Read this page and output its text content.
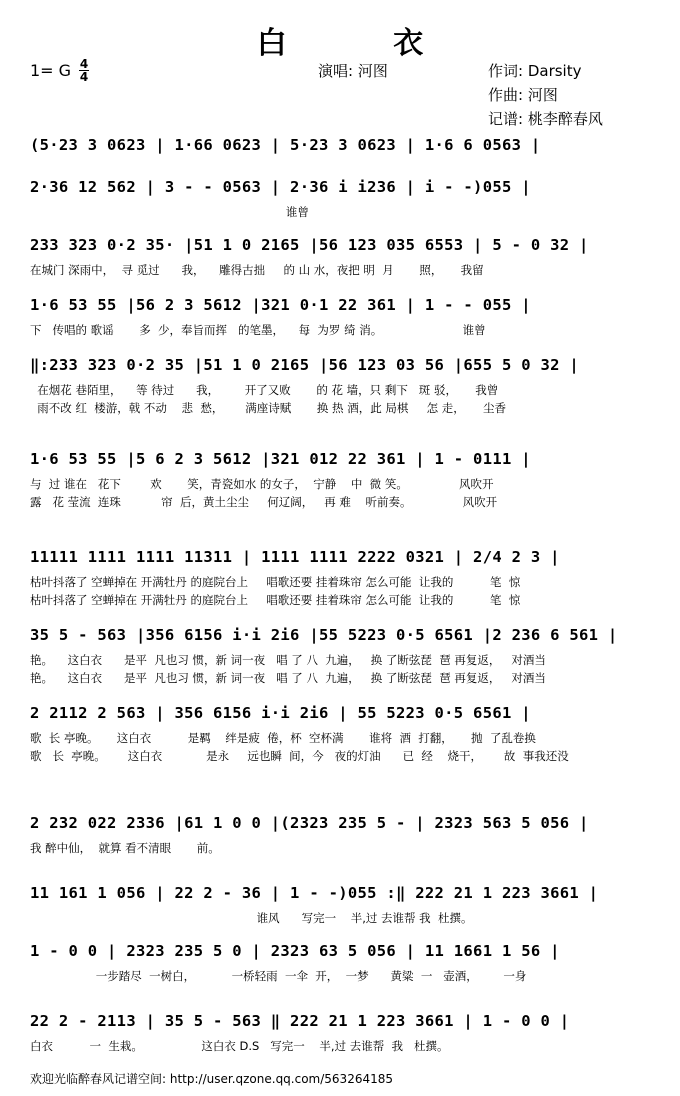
白 衣
1= G 4
4	演唱: 河图	作词: Darsity
作曲: 河图
记谱: 桃李醉春风
(5·23 3 0623 | 1·66 0623 | 5·23 3 0623 | 1·6 6 0563 |
2·36 12 562 | 3 - - 0563 | 2·36 i i236 | i - -)055 |
谁曾
233 323 0·2 35· |51 1 0 2165 |56 123 035 6553 | 5 - 0 32 |
在城门 深雨中，  寻 觅过      我，    雕得古拙     的 山 水，夜把 明  月       照，     我留
1·6 53 55 |56 2 3 5612 |321 0·1 22 361 | 1 - - 055 |
下   传唱的 歌谣       多  少，奉旨而挥   的笔墨，    每  为罗 绮 消。                      谁曾
‖:233 323 0·2 35 |51 1 0 2165 |56 123 03 56 |655 5 0 32 |
在烟花 巷陌里，    等 待过      我，       开了又败       的 花 墙，只 剩下   斑 驳，     我曾
雨不改 红  楼游，戟 不动    悲  愁，      满座诗赋       换 热 酒，此 局棋     怎 走，     尘香
1·6 53 55 |5 6 2 3 5612 |321 012 22 361 | 1 - 0111 |
与  过 谁在   花下        欢       笑，青瓷如水 的女子，  宁静    中  微 笑。              风吹开
露   花 莹流  连珠           帘  后，黄土尘尘     何辽阔，   再 难    听前奏。              风吹开
11111 1111 1111 11311 | 1111 1111 2222 0321 | 2/4 2 3 |
枯叶抖落了 空蝉掉在 开满牡丹 的庭院台上     唱歌还要 挂着珠帘 怎么可能  让我的          笔  惊
枯叶抖落了 空蝉掉在 开满牡丹 的庭院台上     唱歌还要 挂着珠帘 怎么可能  让我的          笔  惊
35 5 - 563 |356 6156 i·i 2i6 |55 5223 0·5 6561 |2 236 6 561 |
艳。    这白衣      是平  凡也习 惯，新 词一夜   唱 了 八  九遍，   换 了断弦琵  琶 再复返，   对酒当
艳。    这白衣      是平  凡也习 惯，新 词一夜   唱 了 八  九遍，   换 了断弦琵  琶 再复返，   对酒当
2 2112 2 563 | 356 6156 i·i 2i6 | 55 5223 0·5 6561 |
歌  长 亭晚。     这白衣          是羁    绊是疲  倦，杯  空杯满       谁将  酒  打翻，     抛  了乱卷换
歌   长  亭晚。      这白衣            是永     远也瞬  间，今   夜的灯油      已  经    烧干，      故  事我还没
2 232 022 2336 |61 1 0 0 |(2323 235 5 - | 2323 563 5 056 |
我 醉中仙，  就算 看不清眼       前。
11 161 1 056 | 22 2 - 36 | 1 - -)055 :‖ 222 21 1 223 3661 |
谁风      写完一    半,过 去谁帮 我  杜撰。
1 - 0 0 | 2323 235 5 0 | 2323 63 5 056 | 11 1661 1 56 |
一步踏尽  一树白，          一桥轻雨  一伞  开，  一梦      黄粱  一   壶酒，       一身
22 2 - 2113 | 35 5 - 563 ‖ 222 21 1 223 3661 | 1 - 0 0 |
白衣          一  生栽。                这白衣 D.S   写完一    半,过 去谁帮  我   杜撰。
欢迎光临醉春风记谱空间: http://user.qzone.qq.com/563264185
